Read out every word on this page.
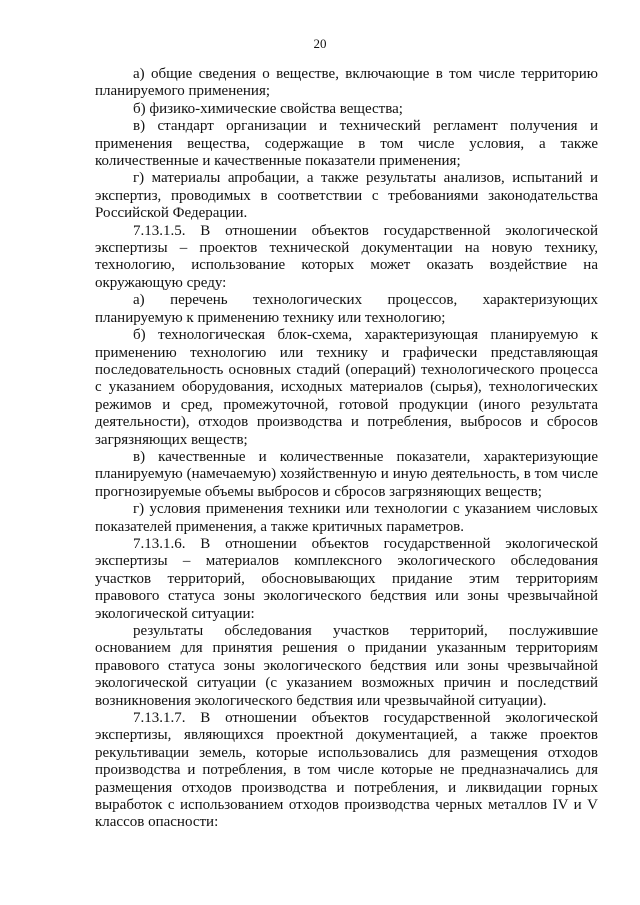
20

а) общие сведения о веществе, включающие в том числе территорию планируемого применения;

б) физико-химические свойства вещества;

в) стандарт организации и технический регламент получения и применения вещества, содержащие в том числе условия, а также количественные и качественные показатели применения;

г) материалы апробации, а также результаты анализов, испытаний и экспертиз, проводимых в соответствии с требованиями законодательства Российской Федерации.

7.13.1.5. В отношении объектов государственной экологической экспертизы – проектов технической документации на новую технику, технологию, использование которых может оказать воздействие на окружающую среду:

а) перечень технологических процессов, характеризующих планируемую к применению технику или технологию;

б) технологическая блок-схема, характеризующая планируемую к применению технологию или технику и графически представляющая последовательность основных стадий (операций) технологического процесса с указанием оборудования, исходных материалов (сырья), технологических режимов и сред, промежуточной, готовой продукции (иного результата деятельности), отходов производства и потребления, выбросов и сбросов загрязняющих веществ;

в) качественные и количественные показатели, характеризующие планируемую (намечаемую) хозяйственную и иную деятельность, в том числе прогнозируемые объемы выбросов и сбросов загрязняющих веществ;

г) условия применения техники или технологии с указанием числовых показателей применения, а также критичных параметров.

7.13.1.6. В отношении объектов государственной экологической экспертизы – материалов комплексного экологического обследования участков территорий, обосновывающих придание этим территориям правового статуса зоны экологического бедствия или зоны чрезвычайной экологической ситуации:

результаты обследования участков территорий, послужившие основанием для принятия решения о придании указанным территориям правового статуса зоны экологического бедствия или зоны чрезвычайной экологической ситуации (с указанием возможных причин и последствий возникновения экологического бедствия или чрезвычайной ситуации).

7.13.1.7. В отношении объектов государственной экологической экспертизы, являющихся проектной документацией, а также проектов рекультивации земель, которые использовались для размещения отходов производства и потребления, в том числе которые не предназначались для размещения отходов производства и потребления, и ликвидации горных выработок с использованием отходов производства черных металлов IV и V классов опасности:
